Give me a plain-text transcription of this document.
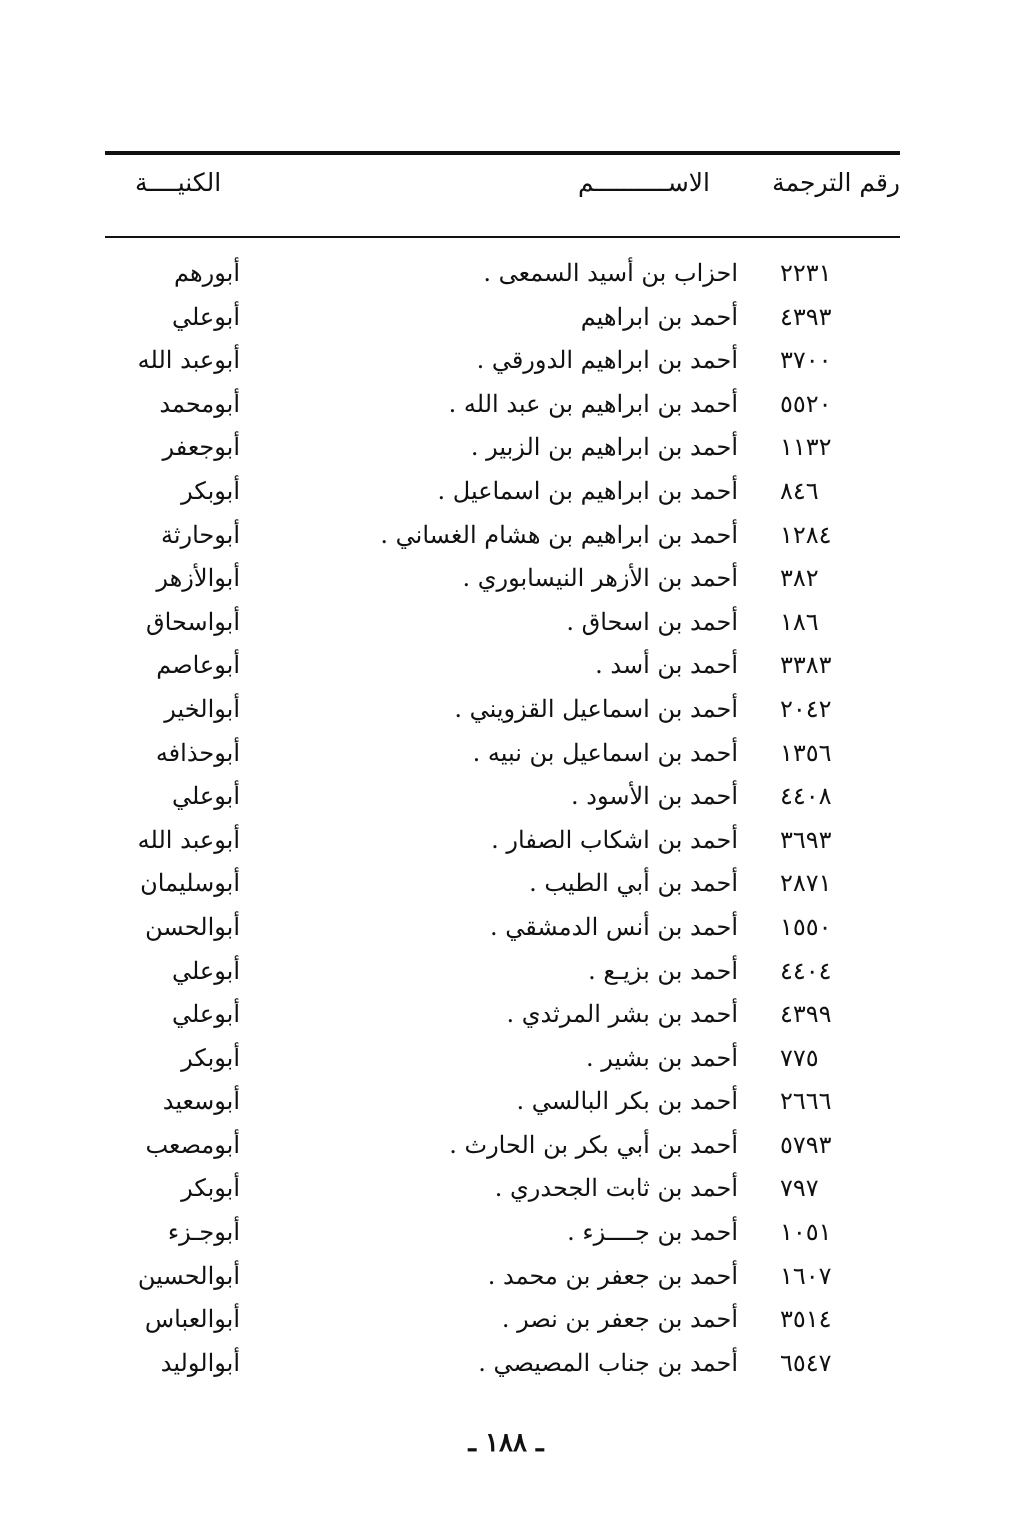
رقم الترجمة
الاســــــــــم
الكنيــــة
٢٢٣١
احزاب بن أسيد السمعى .
أبورهم
٤٣٩٣
أحمد بن ابراهيم
أبوعلي
٣٧٠٠
أحمد بن ابراهيم الدورقي .
أبوعبد الله
٥٥٢٠
أحمد بن ابراهيم بن عبد الله .
أبومحمد
١١٣٢
أحمد بن ابراهيم بن الزبير .
أبوجعفر
٨٤٦
أحمد بن ابراهيم بن اسماعيل .
أبوبكر
١٢٨٤
أحمد بن ابراهيم بن هشام الغساني .
أبوحارثة
٣٨٢
أحمد بن الأزهر النيسابوري .
أبوالأزهر
١٨٦
أحمد بن اسحاق .
أبواسحاق
٣٣٨٣
أحمد بن أسد .
أبوعاصم
٢٠٤٢
أحمد بن اسماعيل القزويني .
أبوالخير
١٣٥٦
أحمد بن اسماعيل بن نبيه .
أبوحذافه
٤٤٠٨
أحمد بن الأسود .
أبوعلي
٣٦٩٣
أحمد بن اشكاب الصفار .
أبوعبد الله
٢٨٧١
أحمد بن أبي الطيب .
أبوسليمان
١٥٥٠
أحمد بن أنس الدمشقي .
أبوالحسن
٤٤٠٤
أحمد بن بزيـع .
أبوعلي
٤٣٩٩
أحمد بن بشر المرثدي .
أبوعلي
٧٧٥
أحمد بن بشير .
أبوبكر
٢٦٦٦
أحمد بن بكر البالسي .
أبوسعيد
٥٧٩٣
أحمد بن أبي بكر بن الحارث .
أبومصعب
٧٩٧
أحمد بن ثابت الجحدري .
أبوبكر
١٠٥١
أحمد بن جــــزء .
أبوجـزء
١٦٠٧
أحمد بن جعفر بن محمد .
أبوالحسين
٣٥١٤
أحمد بن جعفر بن نصر .
أبوالعباس
٦٥٤٧
أحمد بن جناب المصيصي .
أبوالوليد
ـ ١٨٨ ـ
